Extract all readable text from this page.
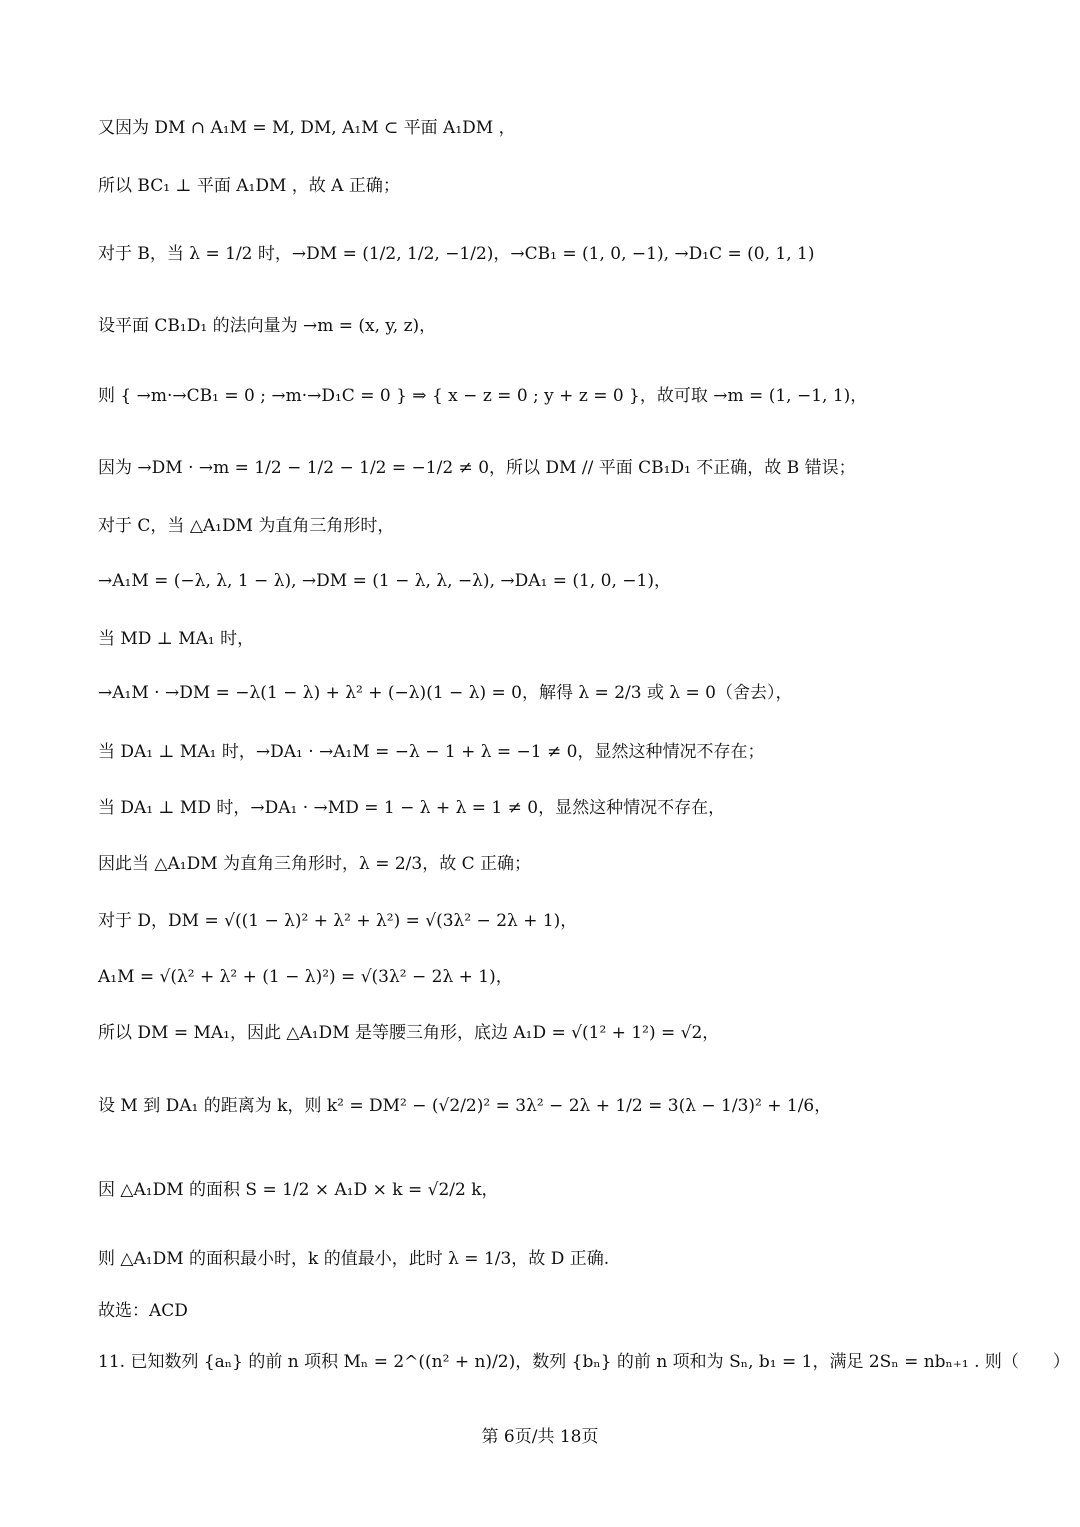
又因为 DM ∩ A₁M = M, DM, A₁M ⊂ 平面 A₁DM ，
所以 BC₁ ⊥ 平面 A₁DM ，故 A 正确；
对于 B，当 λ = 1/2 时，→DM = (1/2, 1/2, −1/2)，→CB₁ = (1, 0, −1), →D₁C = (0, 1, 1)
设平面 CB₁D₁ 的法向量为 →m = (x, y, z)，
则 { →m·→CB₁ = 0 ; →m·→D₁C = 0 } ⇒ { x − z = 0 ; y + z = 0 }，故可取 →m = (1, −1, 1)，
因为 →DM · →m = 1/2 − 1/2 − 1/2 = −1/2 ≠ 0，所以 DM // 平面 CB₁D₁ 不正确，故 B 错误；
对于 C，当 △A₁DM 为直角三角形时，
→A₁M = (−λ, λ, 1 − λ), →DM = (1 − λ, λ, −λ), →DA₁ = (1, 0, −1)，
当 MD ⊥ MA₁ 时，
→A₁M · →DM = −λ(1 − λ) + λ² + (−λ)(1 − λ) = 0，解得 λ = 2/3 或 λ = 0（舍去），
当 DA₁ ⊥ MA₁ 时，→DA₁ · →A₁M = −λ − 1 + λ = −1 ≠ 0，显然这种情况不存在；
当 DA₁ ⊥ MD 时，→DA₁ · →MD = 1 − λ + λ = 1 ≠ 0，显然这种情况不存在，
因此当 △A₁DM 为直角三角形时，λ = 2/3，故 C 正确；
对于 D，DM = √((1 − λ)² + λ² + λ²) = √(3λ² − 2λ + 1)，
A₁M = √(λ² + λ² + (1 − λ)²) = √(3λ² − 2λ + 1)，
所以 DM = MA₁，因此 △A₁DM 是等腰三角形，底边 A₁D = √(1² + 1²) = √2，
设 M 到 DA₁ 的距离为 k，则 k² = DM² − (√2/2)² = 3λ² − 2λ + 1/2 = 3(λ − 1/3)² + 1/6，
因 △A₁DM 的面积 S = 1/2 × A₁D × k = √2/2 k，
则 △A₁DM 的面积最小时，k 的值最小，此时 λ = 1/3，故 D 正确.
故选：ACD
11. 已知数列 {aₙ} 的前 n 项积 Mₙ = 2^((n² + n)/2)，数列 {bₙ} 的前 n 项和为 Sₙ, b₁ = 1，满足 2Sₙ = nbₙ₊₁ . 则（　　）
第 6页/共 18页
